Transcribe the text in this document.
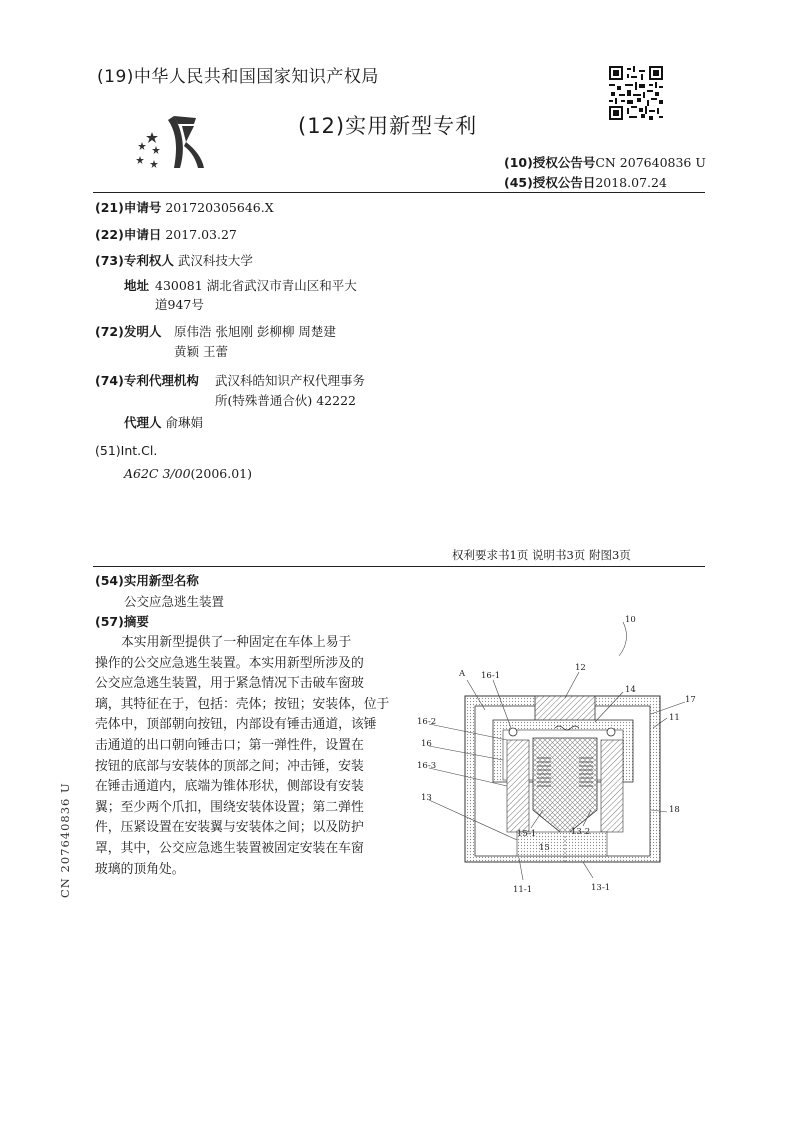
(19)中华人民共和国国家知识产权局
(12)实用新型专利
(10)授权公告号CN 207640836 U
(45)授权公告日2018.07.24
(21)申请号 201720305646.X
(22)申请日 2017.03.27
(73)专利权人 武汉科技大学
地址 430081 湖北省武汉市青山区和平大
道947号
(72)发明人 原伟浩 张旭刚 彭柳柳 周楚建
黄颖 王蕾
(74)专利代理机构 武汉科皓知识产权代理事务
所(特殊普通合伙) 42222
代理人 俞琳娟
(51)Int.Cl.
A62C 3/00(2006.01)
权利要求书1页 说明书3页 附图3页
(54)实用新型名称
公交应急逃生装置
(57)摘要
本实用新型提供了一种固定在车体上易于
操作的公交应急逃生装置。本实用新型所涉及的
公交应急逃生装置，用于紧急情况下击破车窗玻
璃，其特征在于，包括：壳体；按钮；安装体，位于
壳体中，顶部朝向按钮，内部设有锤击通道，该锤
击通道的出口朝向锤击口；第一弹性件，设置在
按钮的底部与安装体的顶部之间；冲击锤，安装
在锤击通道内，底端为锥体形状，侧部设有安装
翼；至少两个爪扣，围绕安装体设置；第二弹性
件，压紧设置在安装翼与安装体之间；以及防护
罩，其中，公交应急逃生装置被固定安装在车窗
玻璃的顶角处。
CN 207640836 U
10
A 16-1
12
14
17
11
16-2
16
16-3
13
18
15-1
15
13-2
11-1	13-1
